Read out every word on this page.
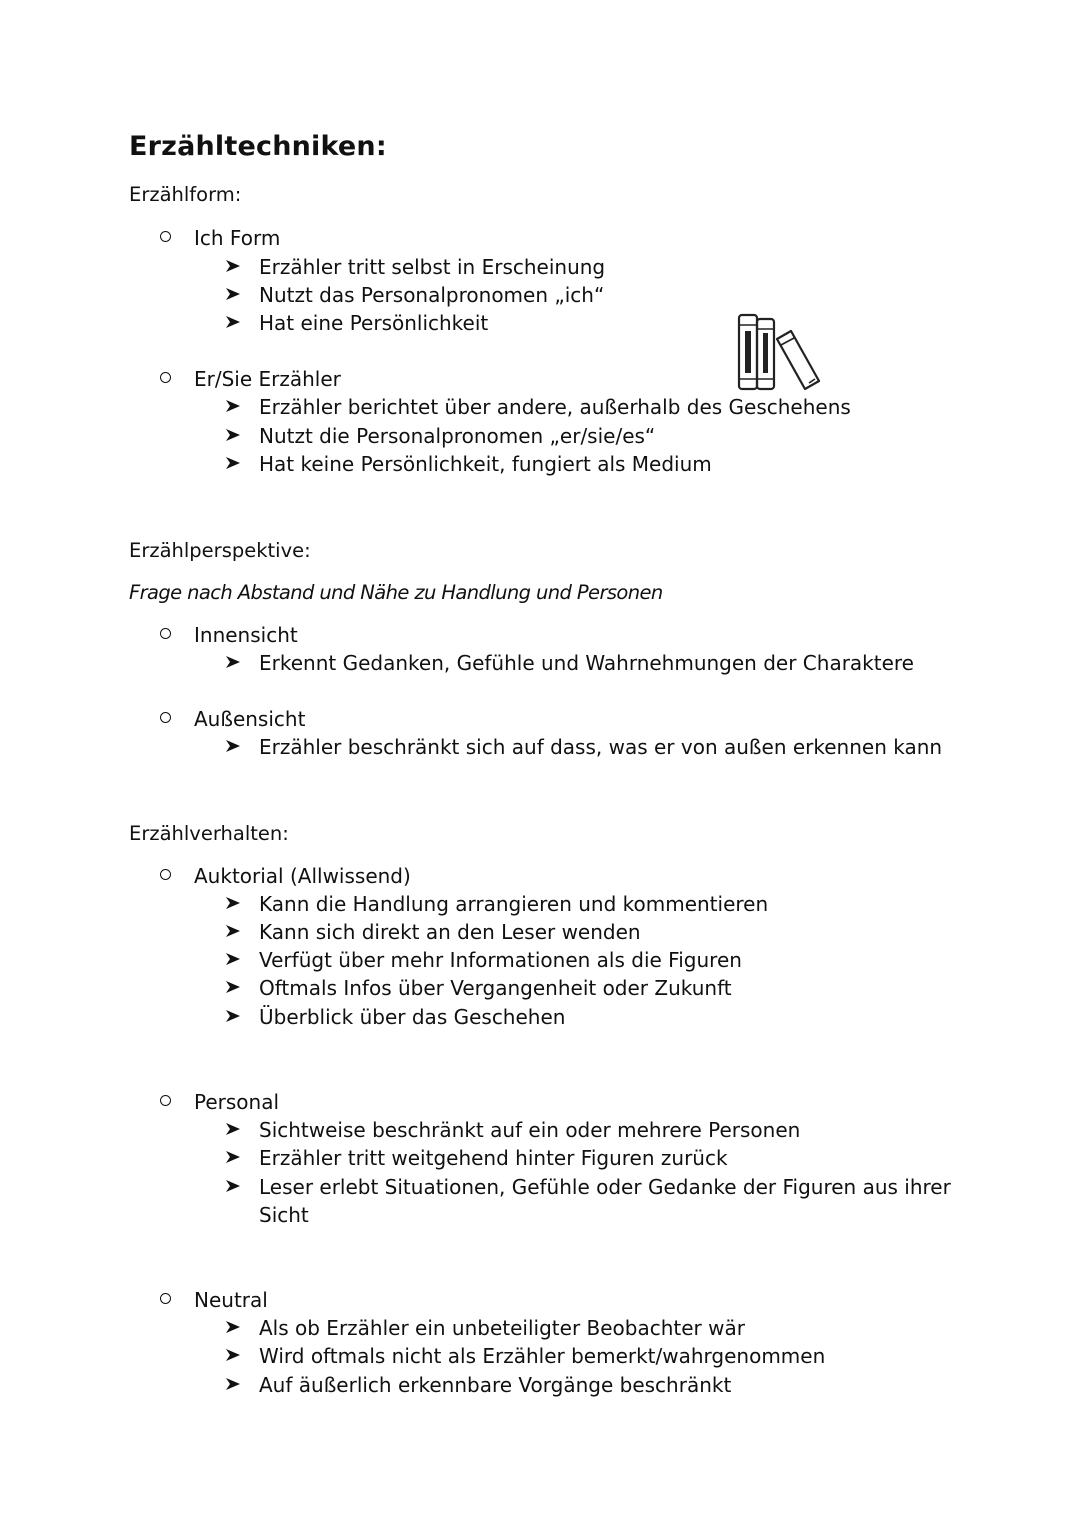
Erzähltechniken:
Erzählform:
Ich Form
Erzähler tritt selbst in Erscheinung
Nutzt das Personalpronomen „ich“
Hat eine Persönlichkeit
Er/Sie Erzähler
Erzähler berichtet über andere, außerhalb des Geschehens
Nutzt die Personalpronomen „er/sie/es“
Hat keine Persönlichkeit, fungiert als Medium
Erzählperspektive:
Frage nach Abstand und Nähe zu Handlung und Personen
Innensicht
Erkennt Gedanken, Gefühle und Wahrnehmungen der Charaktere
Außensicht
Erzähler beschränkt sich auf dass, was er von außen erkennen kann
Erzählverhalten:
Auktorial (Allwissend)
Kann die Handlung arrangieren und kommentieren
Kann sich direkt an den Leser wenden
Verfügt über mehr Informationen als die Figuren
Oftmals Infos über Vergangenheit oder Zukunft
Überblick über das Geschehen
Personal
Sichtweise beschränkt auf ein oder mehrere Personen
Erzähler tritt weitgehend hinter Figuren zurück
Leser erlebt Situationen, Gefühle oder Gedanke der Figuren aus ihrer
Sicht
Neutral
Als ob Erzähler ein unbeteiligter Beobachter wär
Wird oftmals nicht als Erzähler bemerkt/wahrgenommen
Auf äußerlich erkennbare Vorgänge beschränkt
